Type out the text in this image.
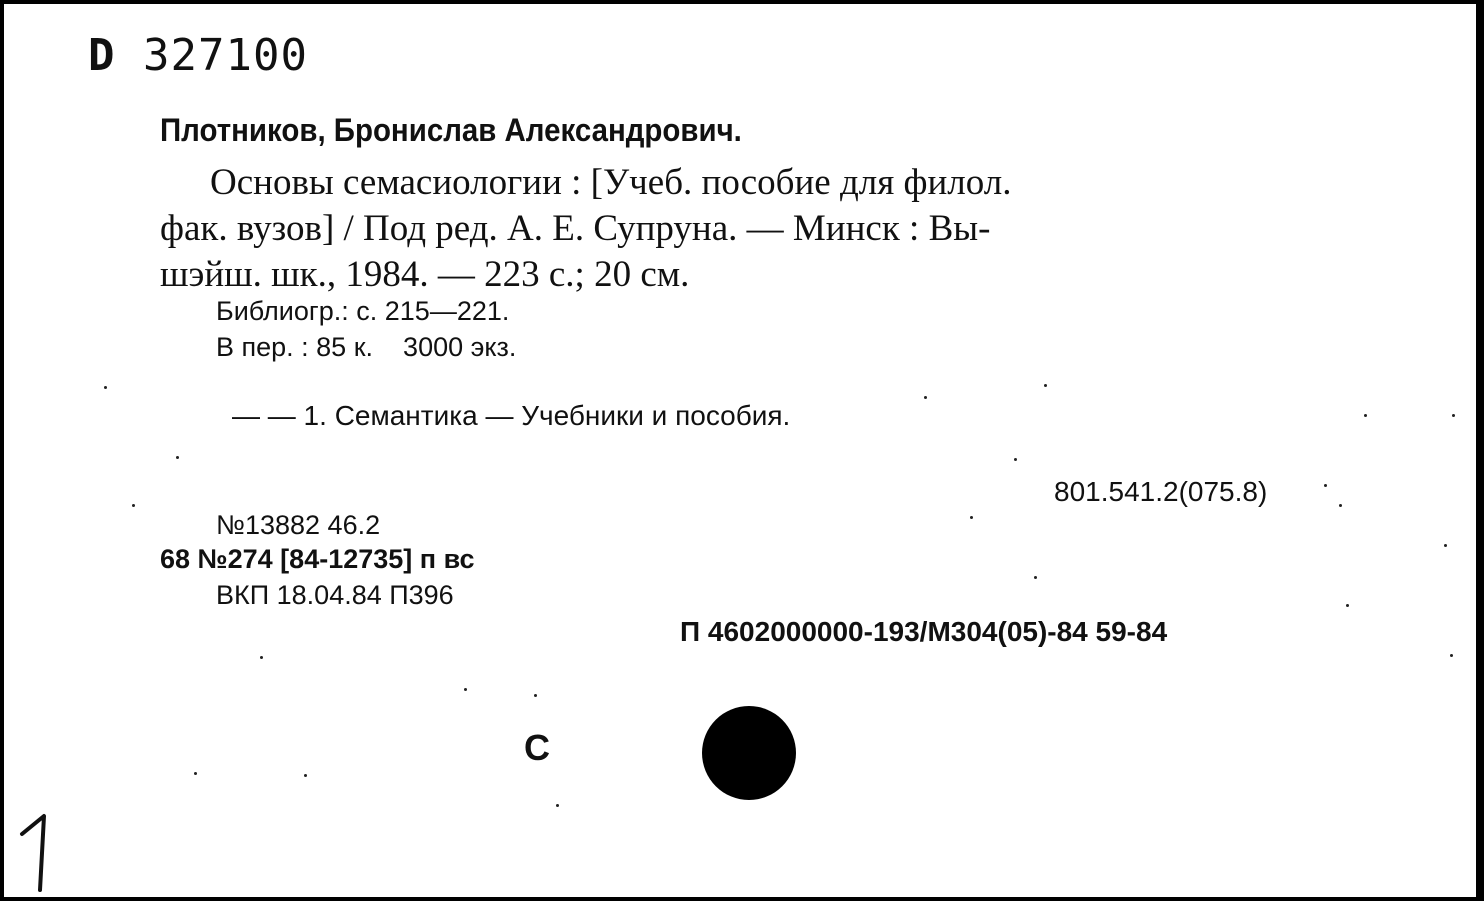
D 327100
Плотников, Бронислав Александрович.
Основы семасиологии : [Учеб. пособие для филол.
фак. вузов] / Под ред. А. Е. Супруна. — Минск : Вы-
шэйш. шк., 1984. — 223 с.; 20 см.
Библиогр.: с. 215—221.
В пер. : 85 к. 3000 экз.
— — 1. Семантика — Учебники и пособия.
801.541.2(075.8)
№13882 46.2
68 №274 [84-12735] п вс
ВКП 18.04.84 П396
П 4602000000-193/М304(05)-84 59-84
С
